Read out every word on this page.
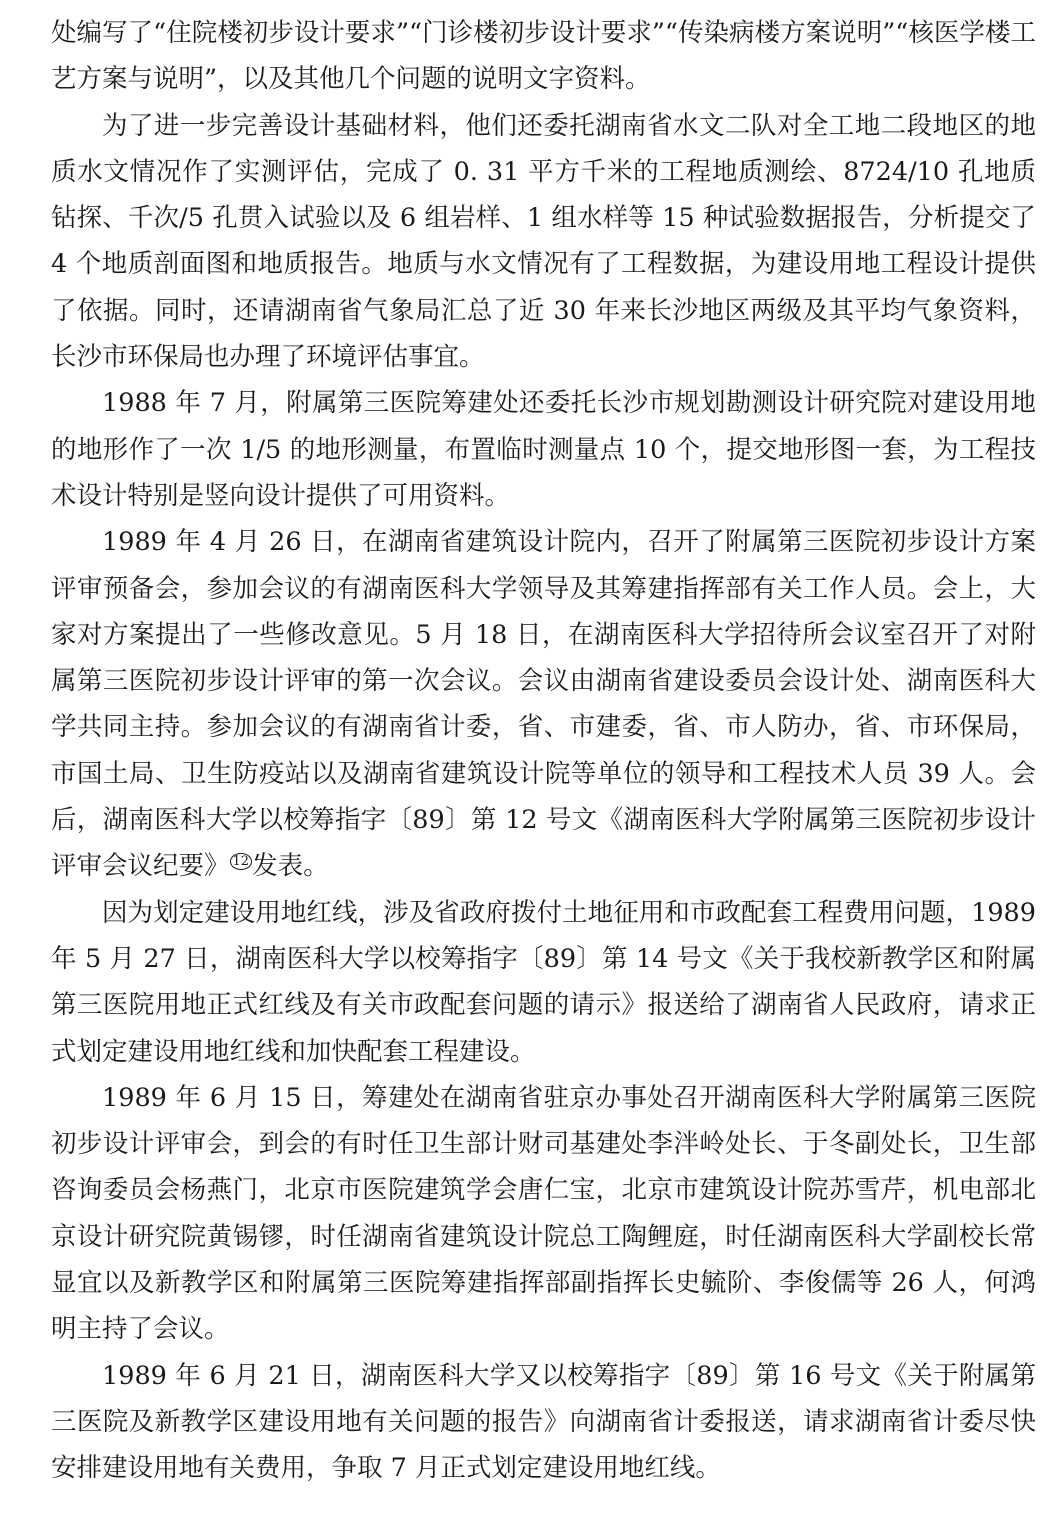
处编写了“住院楼初步设计要求”“门诊楼初步设计要求”“传染病楼方案说明”“核医学楼工艺方案与说明”，以及其他几个问题的说明文字资料。

为了进一步完善设计基础材料，他们还委托湖南省水文二队对全工地二段地区的地质水文情况作了实测评估，完成了 0. 31 平方千米的工程地质测绘、8724/10 孔地质钻探、千次/5 孔贯入试验以及 6 组岩样、1 组水样等 15 种试验数据报告，分析提交了 4 个地质剖面图和地质报告。地质与水文情况有了工程数据，为建设用地工程设计提供了依据。同时，还请湖南省气象局汇总了近 30 年来长沙地区两级及其平均气象资料，长沙市环保局也办理了环境评估事宜。

1988 年 7 月，附属第三医院筹建处还委托长沙市规划勘测设计研究院对建设用地的地形作了一次 1/5 的地形测量，布置临时测量点 10 个，提交地形图一套，为工程技术设计特别是竖向设计提供了可用资料。

1989 年 4 月 26 日，在湖南省建筑设计院内，召开了附属第三医院初步设计方案评审预备会，参加会议的有湖南医科大学领导及其筹建指挥部有关工作人员。会上，大家对方案提出了一些修改意见。5 月 18 日，在湖南医科大学招待所会议室召开了对附属第三医院初步设计评审的第一次会议。会议由湖南省建设委员会设计处、湖南医科大学共同主持。参加会议的有湖南省计委，省、市建委，省、市人防办，省、市环保局，市国土局、卫生防疫站以及湖南省建筑设计院等单位的领导和工程技术人员 39 人。会后，湖南医科大学以校筹指字〔89〕第 12 号文《湖南医科大学附属第三医院初步设计评审会议纪要》 $^{12}$ 发表。

因为划定建设用地红线，涉及省政府拨付土地征用和市政配套工程费用问题，1989 年 5 月 27 日，湖南医科大学以校筹指字〔89〕第 14 号文《关于我校新教学区和附属第三医院用地正式红线及有关市政配套问题的请示》报送给了湖南省人民政府，请求正式划定建设用地红线和加快配套工程建设。

1989 年 6 月 15 日，筹建处在湖南省驻京办事处召开湖南医科大学附属第三医院初步设计评审会，到会的有时任卫生部计财司基建处李泮岭处长、于冬副处长，卫生部咨询委员会杨燕门，北京市医院建筑学会唐仁宝，北京市建筑设计院苏雪芹，机电部北京设计研究院黄锡镠，时任湖南省建筑设计院总工陶鲤庭，时任湖南医科大学副校长常显宜以及新教学区和附属第三医院筹建指挥部副指挥长史毓阶、李俊儒等 26 人，何鸿明主持了会议。

1989 年 6 月 21 日，湖南医科大学又以校筹指字〔89〕第 16 号文《关于附属第三医院及新教学区建设用地有关问题的报告》向湖南省计委报送，请求湖南省计委尽快安排建设用地有关费用，争取 7 月正式划定建设用地红线。
